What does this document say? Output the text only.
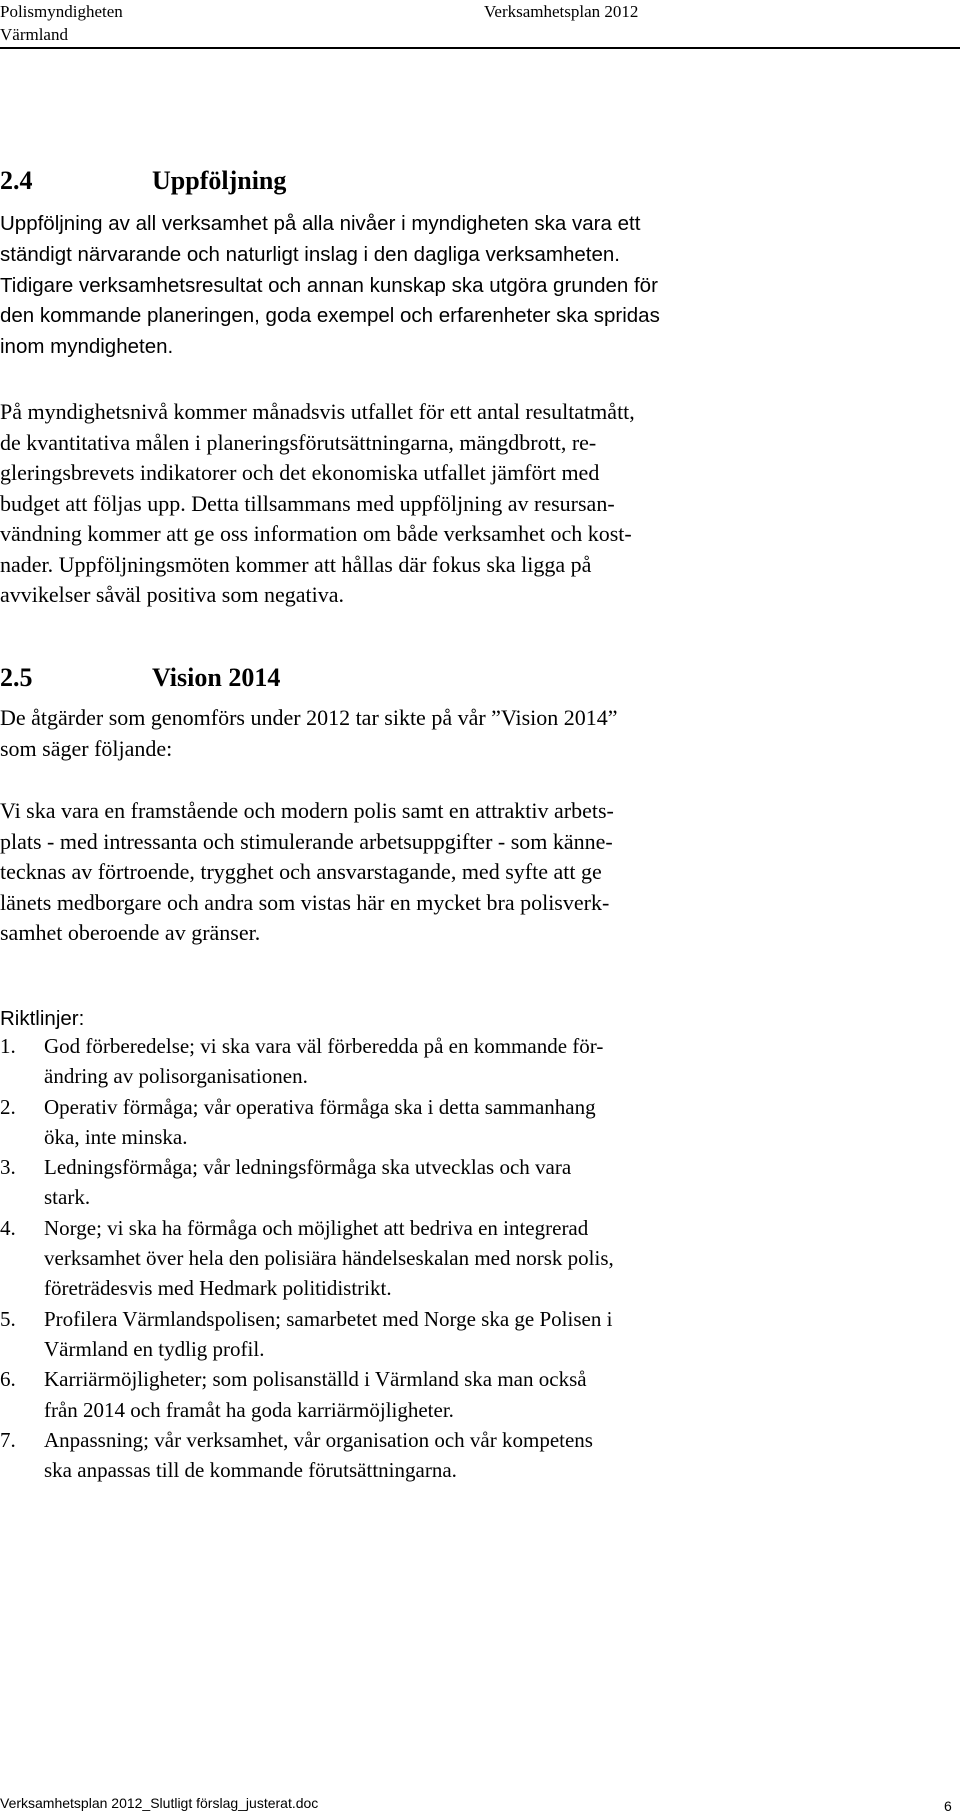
Polismyndigheten
Värmland
Verksamhetsplan 2012
2.4	Uppföljning

Uppföljning av all verksamhet på alla nivåer i myndigheten ska vara ett
ständigt närvarande och naturligt inslag i den dagliga verksamheten.
Tidigare verksamhetsresultat och annan kunskap ska utgöra grunden för
den kommande planeringen, goda exempel och erfarenheter ska spridas
inom myndigheten.

På myndighetsnivå kommer månadsvis utfallet för ett antal resultatmått,
de kvantitativa målen i planeringsförutsättningarna, mängdbrott, re-
gleringsbrevets indikatorer och det ekonomiska utfallet jämfört med
budget att följas upp. Detta tillsammans med uppföljning av resursan-
vändning kommer att ge oss information om både verksamhet och kost-
nader. Uppföljningsmöten kommer att hållas där fokus ska ligga på
avvikelser såväl positiva som negativa.

2.5	Vision 2014

De åtgärder som genomförs under 2012 tar sikte på vår ”Vision 2014”
som säger följande:

Vi ska vara en framstående och modern polis samt en attraktiv arbets-
plats - med intressanta och stimulerande arbetsuppgifter - som känne-
tecknas av förtroende, trygghet och ansvarstagande, med syfte att ge
länets medborgare och andra som vistas här en mycket bra polisverk-
samhet oberoende av gränser.

Riktlinjer:
1. God förberedelse; vi ska vara väl förberedda på en kommande för-
ändring av polisorganisationen.
2. Operativ förmåga; vår operativa förmåga ska i detta sammanhang
öka, inte minska.
3. Ledningsförmåga; vår ledningsförmåga ska utvecklas och vara
stark.
4. Norge; vi ska ha förmåga och möjlighet att bedriva en integrerad
verksamhet över hela den polisiära händelseskalan med norsk polis,
företrädesvis med Hedmark politidistrikt.
5. Profilera Värmlandspolisen; samarbetet med Norge ska ge Polisen i
Värmland en tydlig profil.
6. Karriärmöjligheter; som polisanställd i Värmland ska man också
från 2014 och framåt ha goda karriärmöjligheter.
7. Anpassning; vår verksamhet, vår organisation och vår kompetens
ska anpassas till de kommande förutsättningarna.
Verksamhetsplan 2012_Slutligt förslag_justerat.doc	6
